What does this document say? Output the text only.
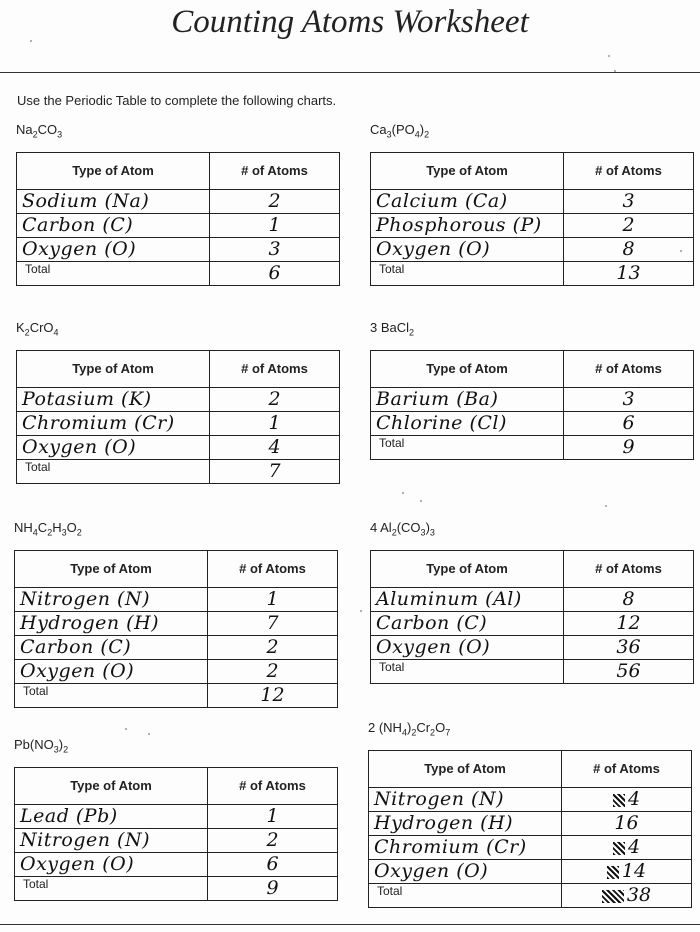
Counting Atoms Worksheet
Use the Periodic Table to complete the following charts.
$Na_2CO_3$
Type of Atom	# of Atoms
Sodium (Na)	2
Carbon (C)	1
Oxygen (O)	3
Total	6
$Ca_3(PO_4)_2$
Type of Atom	# of Atoms
Calcium (Ca)	3
Phosphorous (P)	2
Oxygen (O)	8
Total	13
$K_2CrO_4$
Type of Atom	# of Atoms
Potasium (K)	2
Chromium (Cr)	1
Oxygen (O)	4
Total	7
3 BaCl$_2$
Type of Atom	# of Atoms
Barium (Ba)	3
Chlorine (Cl)	6
Total	9
$NH_4C_2H_3O_2$
Type of Atom	# of Atoms
Nitrogen (N)	1
Hydrogen (H)	7
Carbon (C)	2
Oxygen (O)	2
Total	12
4 $Al_2(CO_3)_3$
Type of Atom	# of Atoms
Aluminum (Al)	8
Carbon (C)	12
Oxygen (O)	36
Total	56
$Pb(NO_3)_2$
Type of Atom	# of Atoms
Lead (Pb)	1
Nitrogen (N)	2
Oxygen (O)	6
Total	9
2 $(NH_4)_2Cr_2O_7$
Type of Atom	# of Atoms
Nitrogen (N)	4
Hydrogen (H)	16
Chromium (Cr)	4
Oxygen (O)	14
Total	38
